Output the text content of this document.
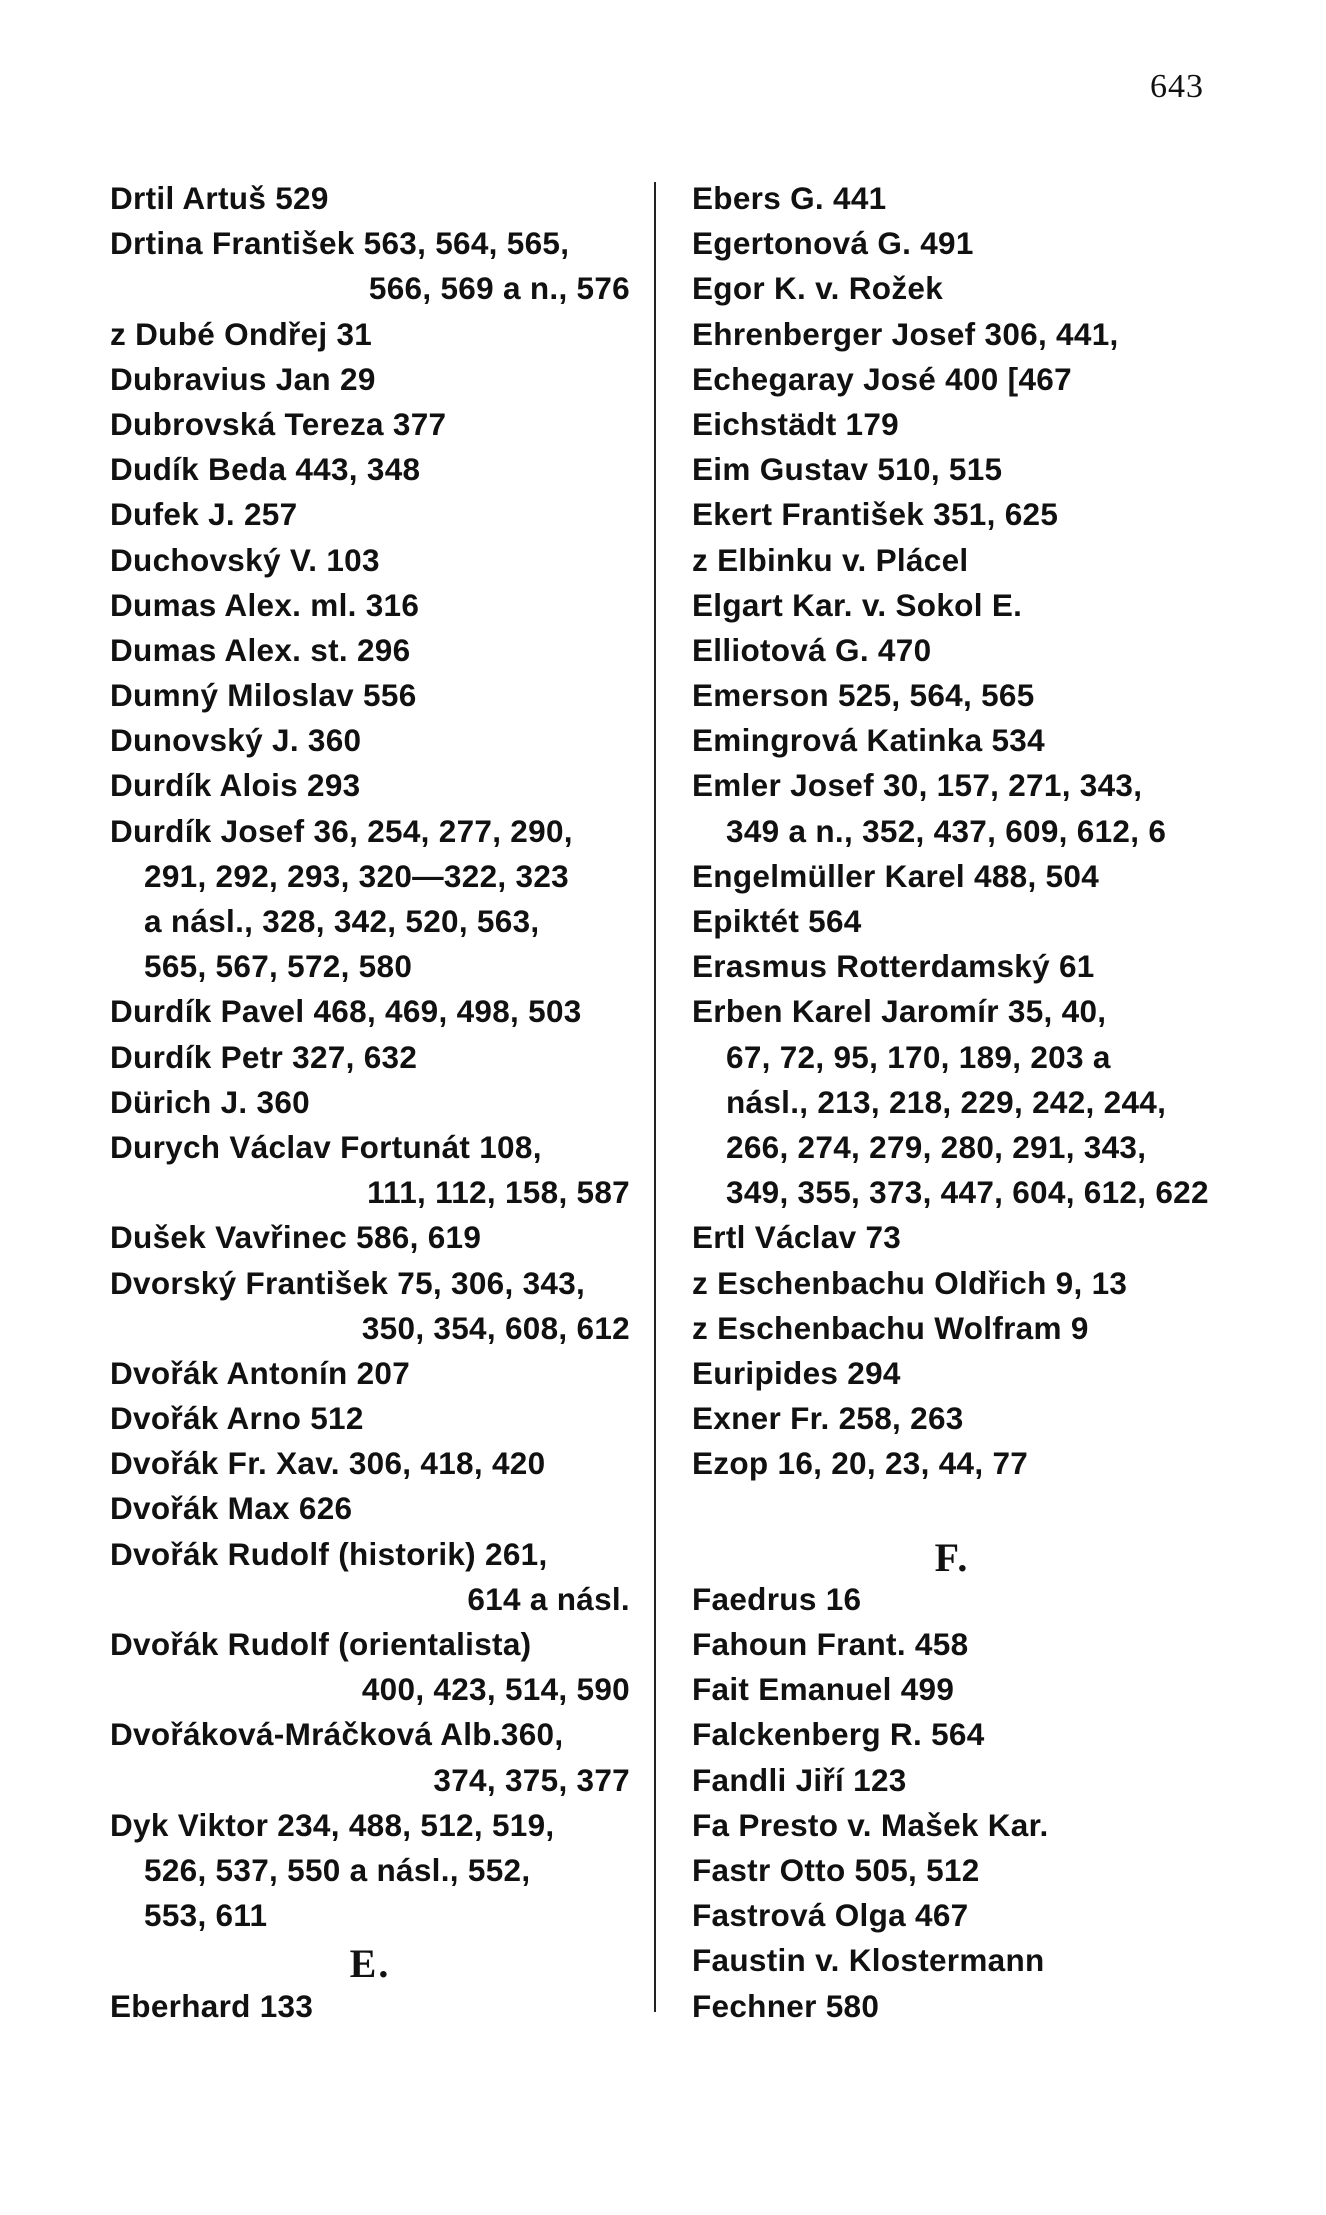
643
Drtil Artuš 529
Drtina František 563, 564, 565,
566, 569 a n., 576
z Dubé Ondřej 31
Dubravius Jan 29
Dubrovská Tereza 377
Dudík Beda 443, 348
Dufek J. 257
Duchovský V. 103
Dumas Alex. ml. 316
Dumas Alex. st. 296
Dumný Miloslav 556
Dunovský J. 360
Durdík Alois 293
Durdík Josef 36, 254, 277, 290,
291, 292, 293, 320—322, 323
a násl., 328, 342, 520, 563,
565, 567, 572, 580
Durdík Pavel 468, 469, 498, 503
Durdík Petr 327, 632
Dürich J. 360
Durych Václav Fortunát 108,
111, 112, 158, 587
Dušek Vavřinec 586, 619
Dvorský František 75, 306, 343,
350, 354, 608, 612
Dvořák Antonín 207
Dvořák Arno 512
Dvořák Fr. Xav. 306, 418, 420
Dvořák Max 626
Dvořák Rudolf (historik) 261,
614 a násl.
Dvořák Rudolf (orientalista)
400, 423, 514, 590
Dvořáková-Mráčková Alb.360,
374, 375, 377
Dyk Viktor 234, 488, 512, 519,
526, 537, 550 a násl., 552,
553, 611
E.
Eberhard 133
Ebers G. 441
Egertonová G. 491
Egor K. v. Rožek
Ehrenberger Josef 306, 441,
Echegaray José 400 [467
Eichstädt 179
Eim Gustav 510, 515
Ekert František 351, 625
z Elbinku v. Plácel
Elgart Kar. v. Sokol E.
Elliotová G. 470
Emerson 525, 564, 565
Emingrová Katinka 534
Emler Josef 30, 157, 271, 343,
349 a n., 352, 437, 609, 612, 6
Engelmüller Karel 488, 504
Epiktét 564
Erasmus Rotterdamský 61
Erben Karel Jaromír 35, 40,
67, 72, 95, 170, 189, 203 a
násl., 213, 218, 229, 242, 244,
266, 274, 279, 280, 291, 343,
349, 355, 373, 447, 604, 612, 622
Ertl Václav 73
z Eschenbachu Oldřich 9, 13
z Eschenbachu Wolfram 9
Euripides 294
Exner Fr. 258, 263
Ezop 16, 20, 23, 44, 77
F.
Faedrus 16
Fahoun Frant. 458
Fait Emanuel 499
Falckenberg R. 564
Fandli Jiří 123
Fa Presto v. Mašek Kar.
Fastr Otto 505, 512
Fastrová Olga 467
Faustin v. Klostermann
Fechner 580
